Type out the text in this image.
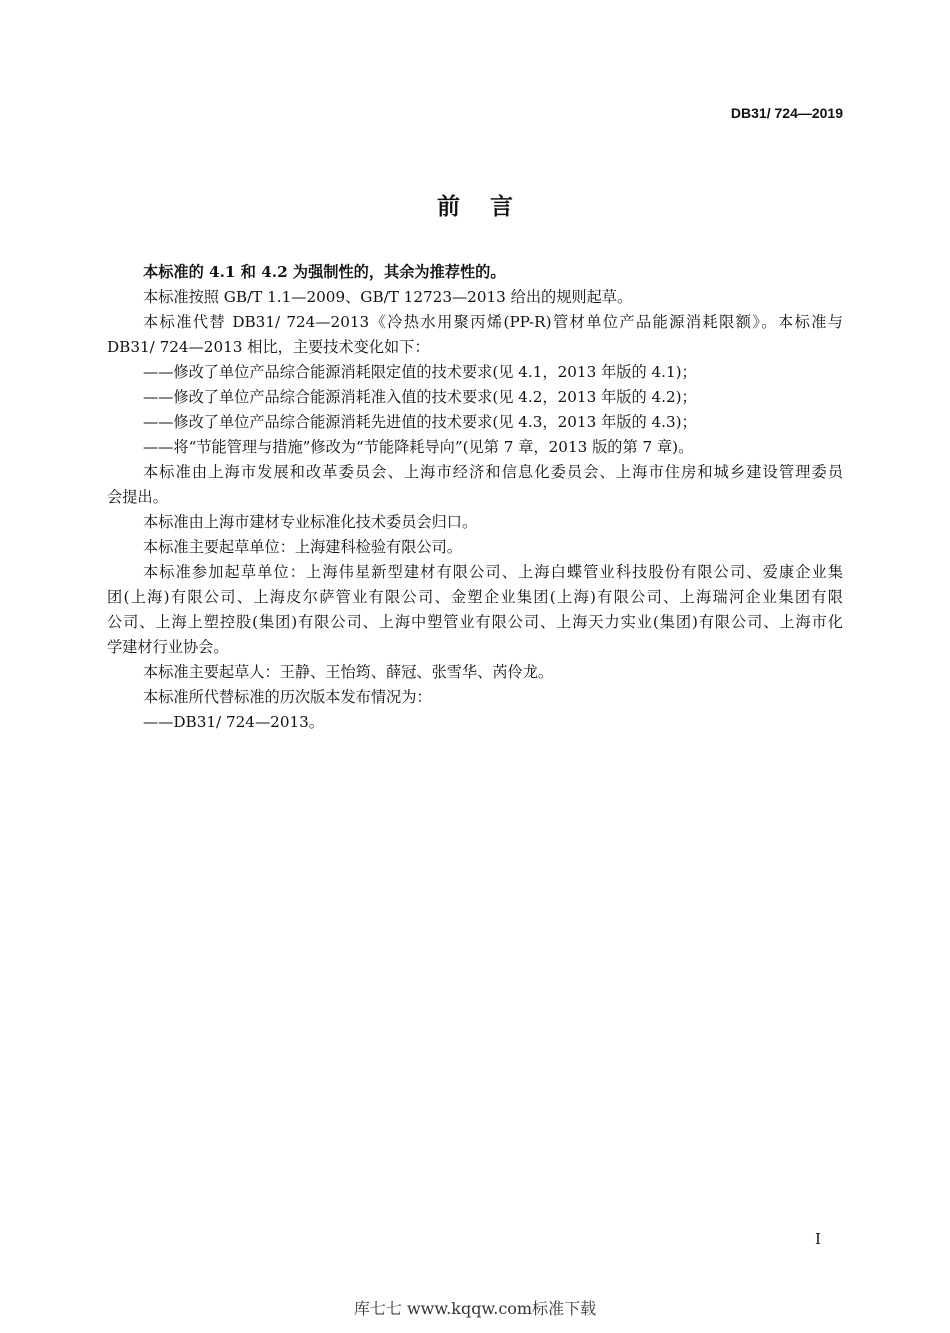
DB31/ 724—2019
前言
本标准的 4.1 和 4.2 为强制性的，其余为推荐性的。
本标准按照 GB/T 1.1—2009、GB/T 12723—2013 给出的规则起草。
本标准代替 DB31/ 724—2013《冷热水用聚丙烯(PP-R)管材单位产品能源消耗限额》。本标准与
DB31/ 724—2013 相比，主要技术变化如下：
——修改了单位产品综合能源消耗限定值的技术要求(见 4.1，2013 年版的 4.1)；
——修改了单位产品综合能源消耗准入值的技术要求(见 4.2，2013 年版的 4.2)；
——修改了单位产品综合能源消耗先进值的技术要求(见 4.3，2013 年版的 4.3)；
——将“节能管理与措施”修改为“节能降耗导向”(见第 7 章，2013 版的第 7 章)。
本标准由上海市发展和改革委员会、上海市经济和信息化委员会、上海市住房和城乡建设管理委员
会提出。
本标准由上海市建材专业标准化技术委员会归口。
本标准主要起草单位：上海建科检验有限公司。
本标准参加起草单位：上海伟星新型建材有限公司、上海白蝶管业科技股份有限公司、爱康企业集
团(上海)有限公司、上海皮尔萨管业有限公司、金塑企业集团(上海)有限公司、上海瑞河企业集团有限
公司、上海上塑控股(集团)有限公司、上海中塑管业有限公司、上海天力实业(集团)有限公司、上海市化
学建材行业协会。
本标准主要起草人：王静、王怡筠、薛冠、张雪华、芮伶龙。
本标准所代替标准的历次版本发布情况为：
——DB31/ 724—2013。
I
库七七 www.kqqw.com标准下载
